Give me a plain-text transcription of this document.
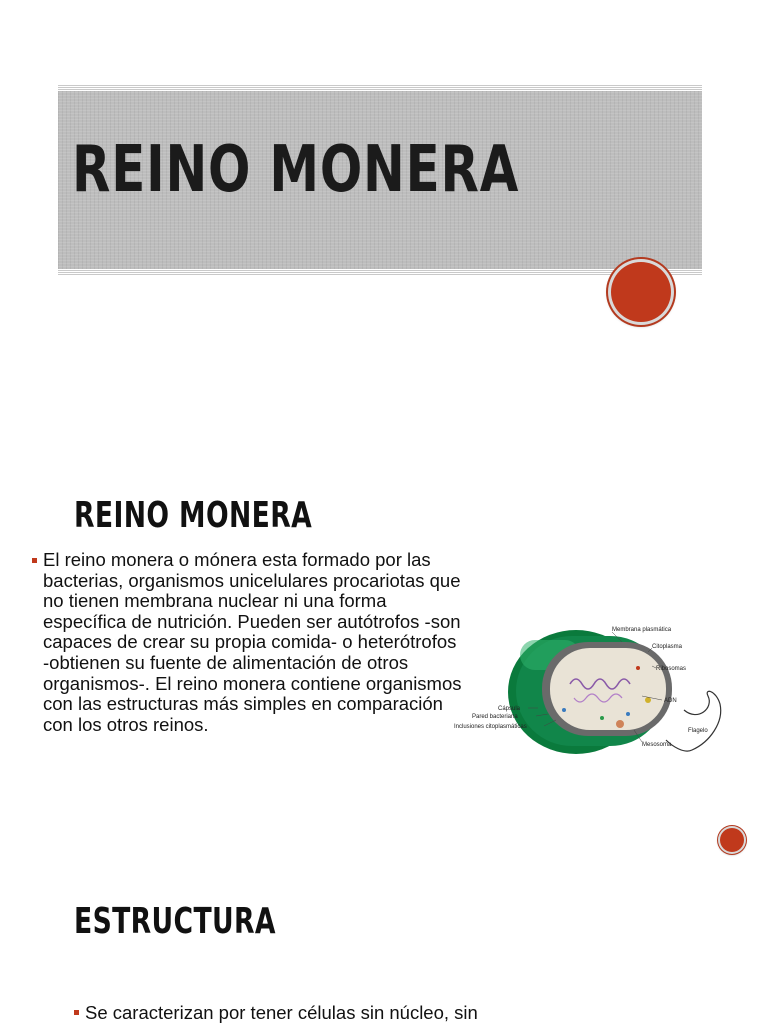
REINO MONERA
REINO MONERA
El reino monera o mónera esta formado por las bacterias, organismos unicelulares procariotas que no tienen membrana nuclear ni una forma específica de nutrición. Pueden ser autótrofos -son capaces de crear su propia comida- o heterótrofos -obtienen su fuente de alimentación de otros organismos-. El reino monera contiene organismos con las estructuras más simples en comparación con los otros reinos.
Membrana plasmática
Citoplasma
Ribosomas
ADN
Flagelo
Mesosoma
Cápsula
Pared bacteriana
Inclusiones citoplasmáticas
ESTRUCTURA
Se caracterizan por tener células sin núcleo, sin
